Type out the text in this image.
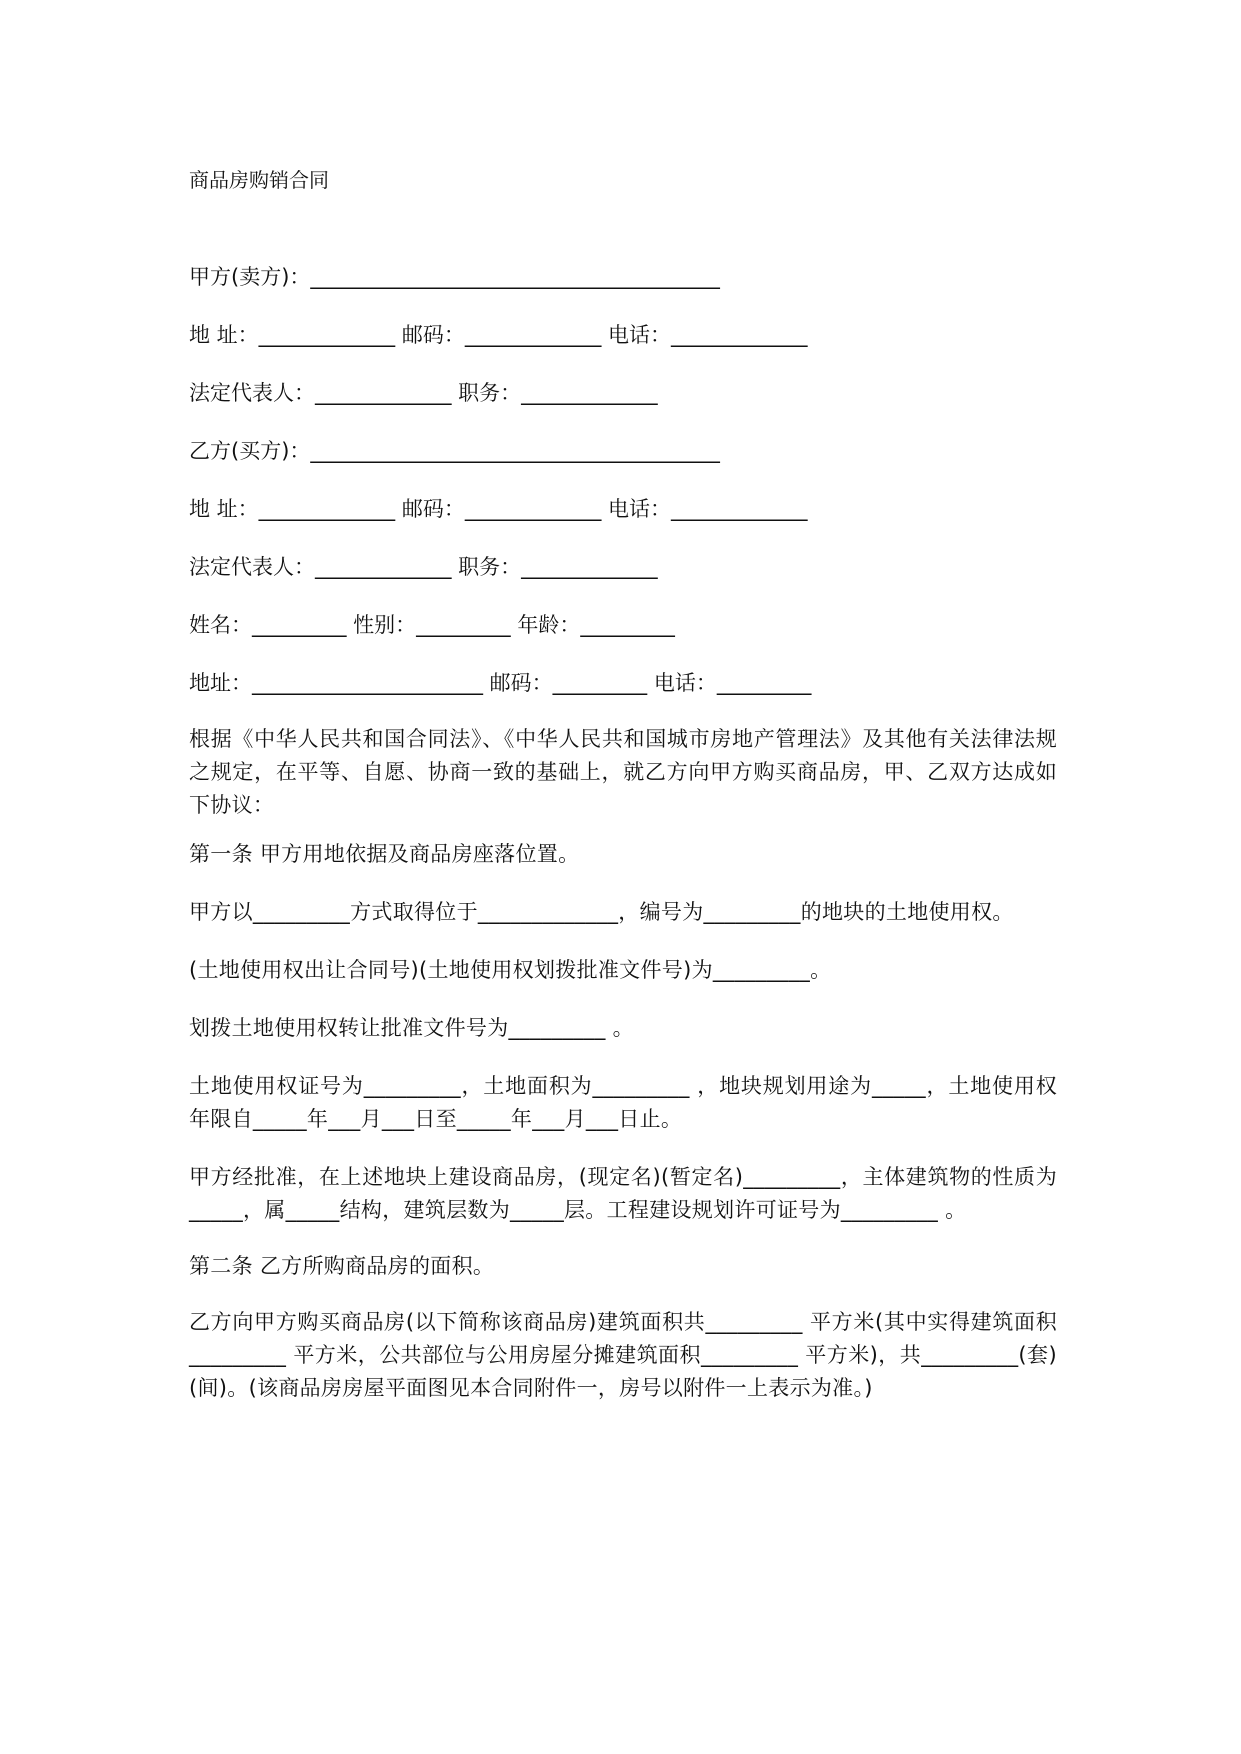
商品房购销合同
甲方(卖方)：_______________________________________
地 址：_____________ 邮码：_____________ 电话：_____________
法定代表人：_____________ 职务：_____________
乙方(买方)：_______________________________________
地 址：_____________ 邮码：_____________ 电话：_____________
法定代表人：_____________ 职务：_____________
姓名：_________ 性别：_________ 年龄：_________
地址：______________________ 邮码：_________ 电话：_________
根据《中华人民共和国合同法》、《中华人民共和国城市房地产管理法》及其他有关法律法规之规定，在平等、自愿、协商一致的基础上，就乙方向甲方购买商品房，甲、乙双方达成如下协议：
第一条 甲方用地依据及商品房座落位置。
甲方以_________方式取得位于_____________，编号为_________的地块的土地使用权。
(土地使用权出让合同号)(土地使用权划拨批准文件号)为_________。
划拨土地使用权转让批准文件号为_________ 。
土地使用权证号为_________，土地面积为_________ ，地块规划用途为_____，土地使用权年限自_____年___月___日至_____年___月___日止。
甲方经批准，在上述地块上建设商品房，(现定名)(暂定名)_________，主体建筑物的性质为_____，属_____结构，建筑层数为_____层。工程建设规划许可证号为_________ 。
第二条 乙方所购商品房的面积。
乙方向甲方购买商品房(以下简称该商品房)建筑面积共_________ 平方米(其中实得建筑面积_________ 平方米，公共部位与公用房屋分摊建筑面积_________ 平方米)，共_________(套)(间)。(该商品房房屋平面图见本合同附件一，房号以附件一上表示为准。)
